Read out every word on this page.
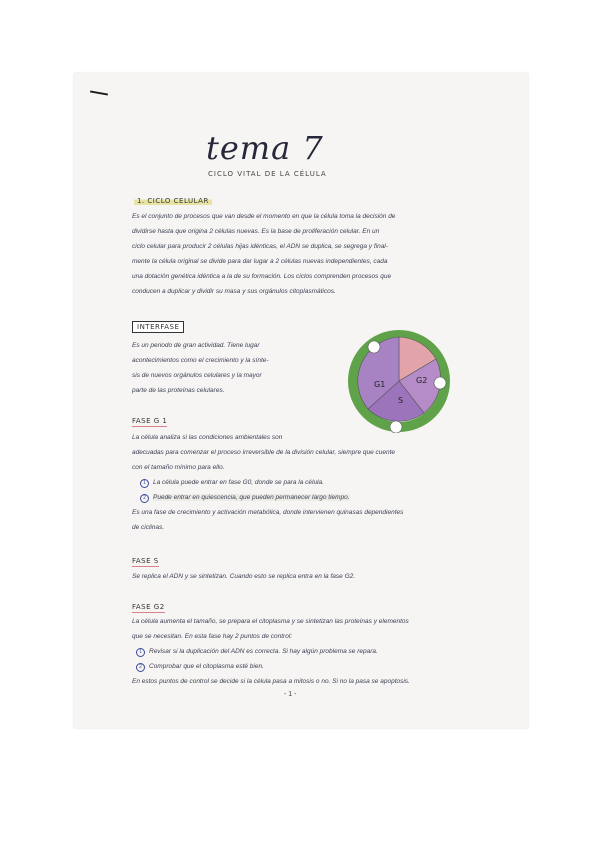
tema 7
CICLO VITAL DE LA CÉLULA
1. CICLO CELULAR
Es el conjunto de procesos que van desde el momento en que la célula toma la decisión de
dividirse hasta que origina 2 células nuevas. Es la base de proliferación celular. En un
ciclo celular para producir 2 células hijas idénticas, el ADN se duplica, se segrega y final-
mente la célula original se divide para dar lugar a 2 células nuevas independientes, cada
una dotación genética idéntica a la de su formación. Los ciclos comprenden procesos que
conducen a duplicar y dividir su masa y sus orgánulos citoplasmáticos.
INTERFASE
Es un periodo de gran actividad. Tiene lugar
acontecimientos como el crecimiento y la sínte-
sis de nuevos orgánulos celulares y la mayor
parte de las proteínas celulares.
G1
S
G2
FASE G 1
La célula analiza si las condiciones ambientales son
adecuadas para comenzar el proceso irreversible de la división celular, siempre que cuente
con el tamaño mínimo para ello.
1 La célula puede entrar en fase G0, donde se para la célula.
2 Puede entrar en quiescencia, que pueden permanecer largo tiempo.
Es una fase de crecimiento y activación metabólica, donde intervienen quinasas dependientes
de ciclinas.
FASE S
Se replica el ADN y se sintetizan. Cuando esto se replica entra en la fase G2.
FASE G2
La célula aumenta el tamaño, se prepara el citoplasma y se sintetizan las proteínas y elementos
que se necesitan. En esta fase hay 2 puntos de control:
1 Revisar si la duplicación del ADN es correcta. Si hay algún problema se repara.
2 Comprobar que el citoplasma esté bien.
En estos puntos de control se decide si la célula pasa a mitosis o no. Si no la pasa se apoptosis.
- 1 -
